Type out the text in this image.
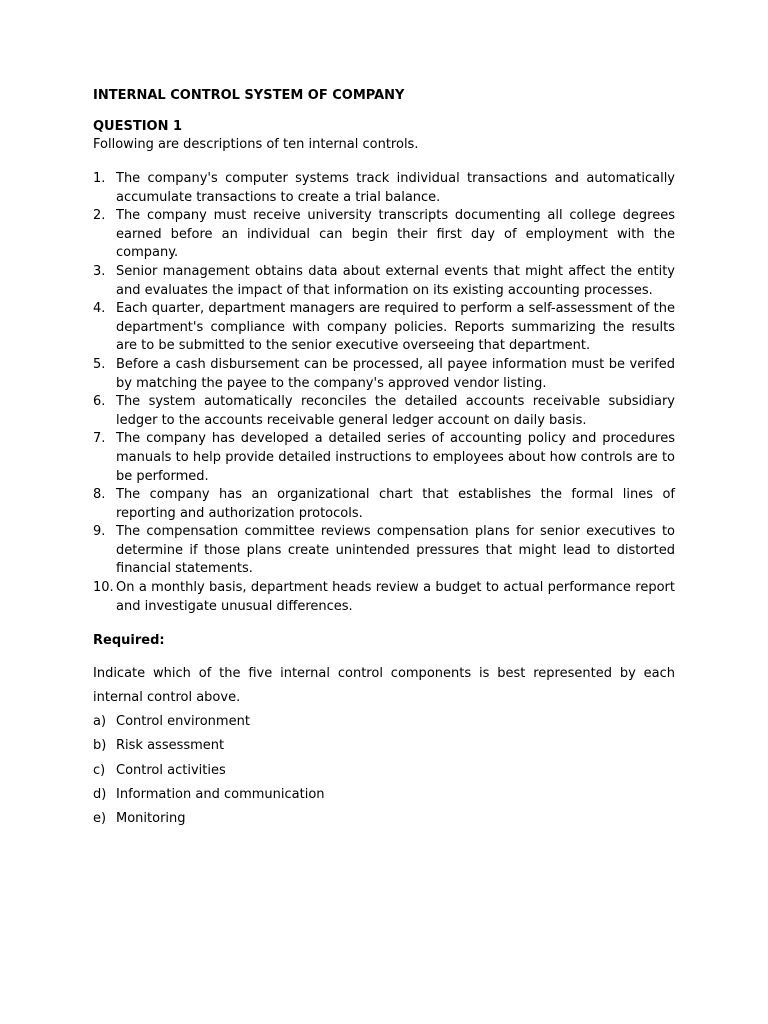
INTERNAL CONTROL SYSTEM OF COMPANY
QUESTION 1
Following are descriptions of ten internal controls.
1. The company's computer systems track individual transactions and automatically accumulate transactions to create a trial balance.
2. The company must receive university transcripts documenting all college degrees earned before an individual can begin their first day of employment with the company.
3. Senior management obtains data about external events that might affect the entity and evaluates the impact of that information on its existing accounting processes.
4. Each quarter, department managers are required to perform a self-assessment of the department's compliance with company policies. Reports summarizing the results are to be submitted to the senior executive overseeing that department.
5. Before a cash disbursement can be processed, all payee information must be verifed by matching the payee to the company's approved vendor listing.
6. The system automatically reconciles the detailed accounts receivable subsidiary ledger to the accounts receivable general ledger account on daily basis.
7. The company has developed a detailed series of accounting policy and procedures manuals to help provide detailed instructions to employees about how controls are to be performed.
8. The company has an organizational chart that establishes the formal lines of reporting and authorization protocols.
9. The compensation committee reviews compensation plans for senior executives to determine if those plans create unintended pressures that might lead to distorted financial statements.
10. On a monthly basis, department heads review a budget to actual performance report and investigate unusual differences.
Required:

Indicate which of the five internal control components is best represented by each internal control above.

a) Control environment
b) Risk assessment
c) Control activities
d) Information and communication
e) Monitoring
